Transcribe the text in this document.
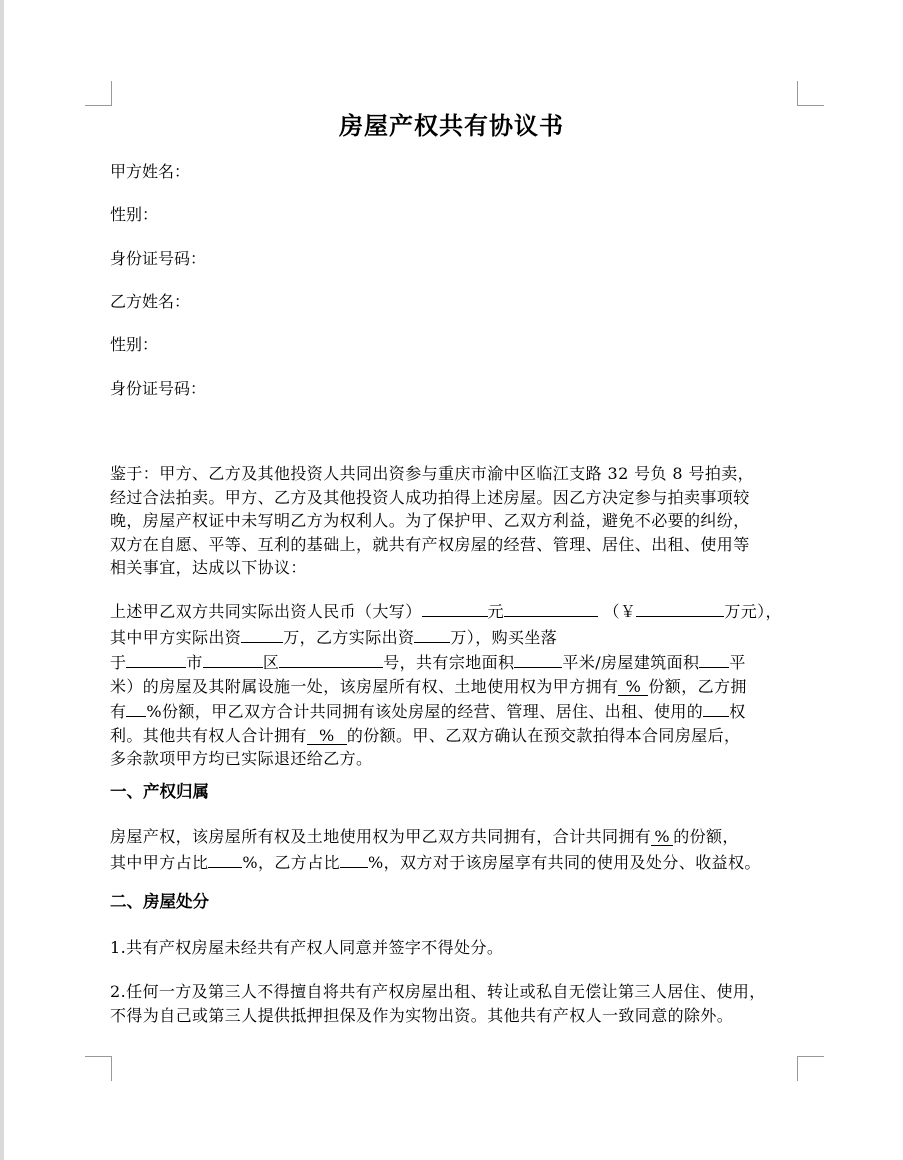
房屋产权共有协议书
甲方姓名：
性别：
身份证号码：
乙方姓名：
性别：
身份证号码：
鉴于：甲方、乙方及其他投资人共同出资参与重庆市渝中区临江支路 32 号负 8 号拍卖，
经过合法拍卖。甲方、乙方及其他投资人成功拍得上述房屋。因乙方决定参与拍卖事项较
晚，房屋产权证中未写明乙方为权利人。为了保护甲、乙双方利益，避免不必要的纠纷，
双方在自愿、平等、互利的基础上，就共有产权房屋的经营、管理、居住、出租、使用等
相关事宜，达成以下协议：
上述甲乙双方共同实际出资人民币（大写）	元	（￥	万元），
其中甲方实际出资	万，乙方实际出资 万），购买坐落
于	市	区	号，共有宗地面积	平米/房屋建筑面积 平
米）的房屋及其附属设施一处，该房屋所有权、土地使用权为甲方拥有 % 份额，乙方拥
有 %份额，甲乙双方合计共同拥有该处房屋的经营、管理、居住、出租、使用的 权
利。其他共有权人合计拥有 % 的份额。甲、乙双方确认在预交款拍得本合同房屋后，
多余款项甲方均已实际退还给乙方。
一、产权归属
房屋产权，该房屋所有权及土地使用权为甲乙双方共同拥有，合计共同拥有 % 的份额，
其中甲方占比 %，乙方占比 %，双方对于该房屋享有共同的使用及处分、收益权。
二、房屋处分
1.共有产权房屋未经共有产权人同意并签字不得处分。
2.任何一方及第三人不得擅自将共有产权房屋出租、转让或私自无偿让第三人居住、使用，
不得为自己或第三人提供抵押担保及作为实物出资。其他共有产权人一致同意的除外。
